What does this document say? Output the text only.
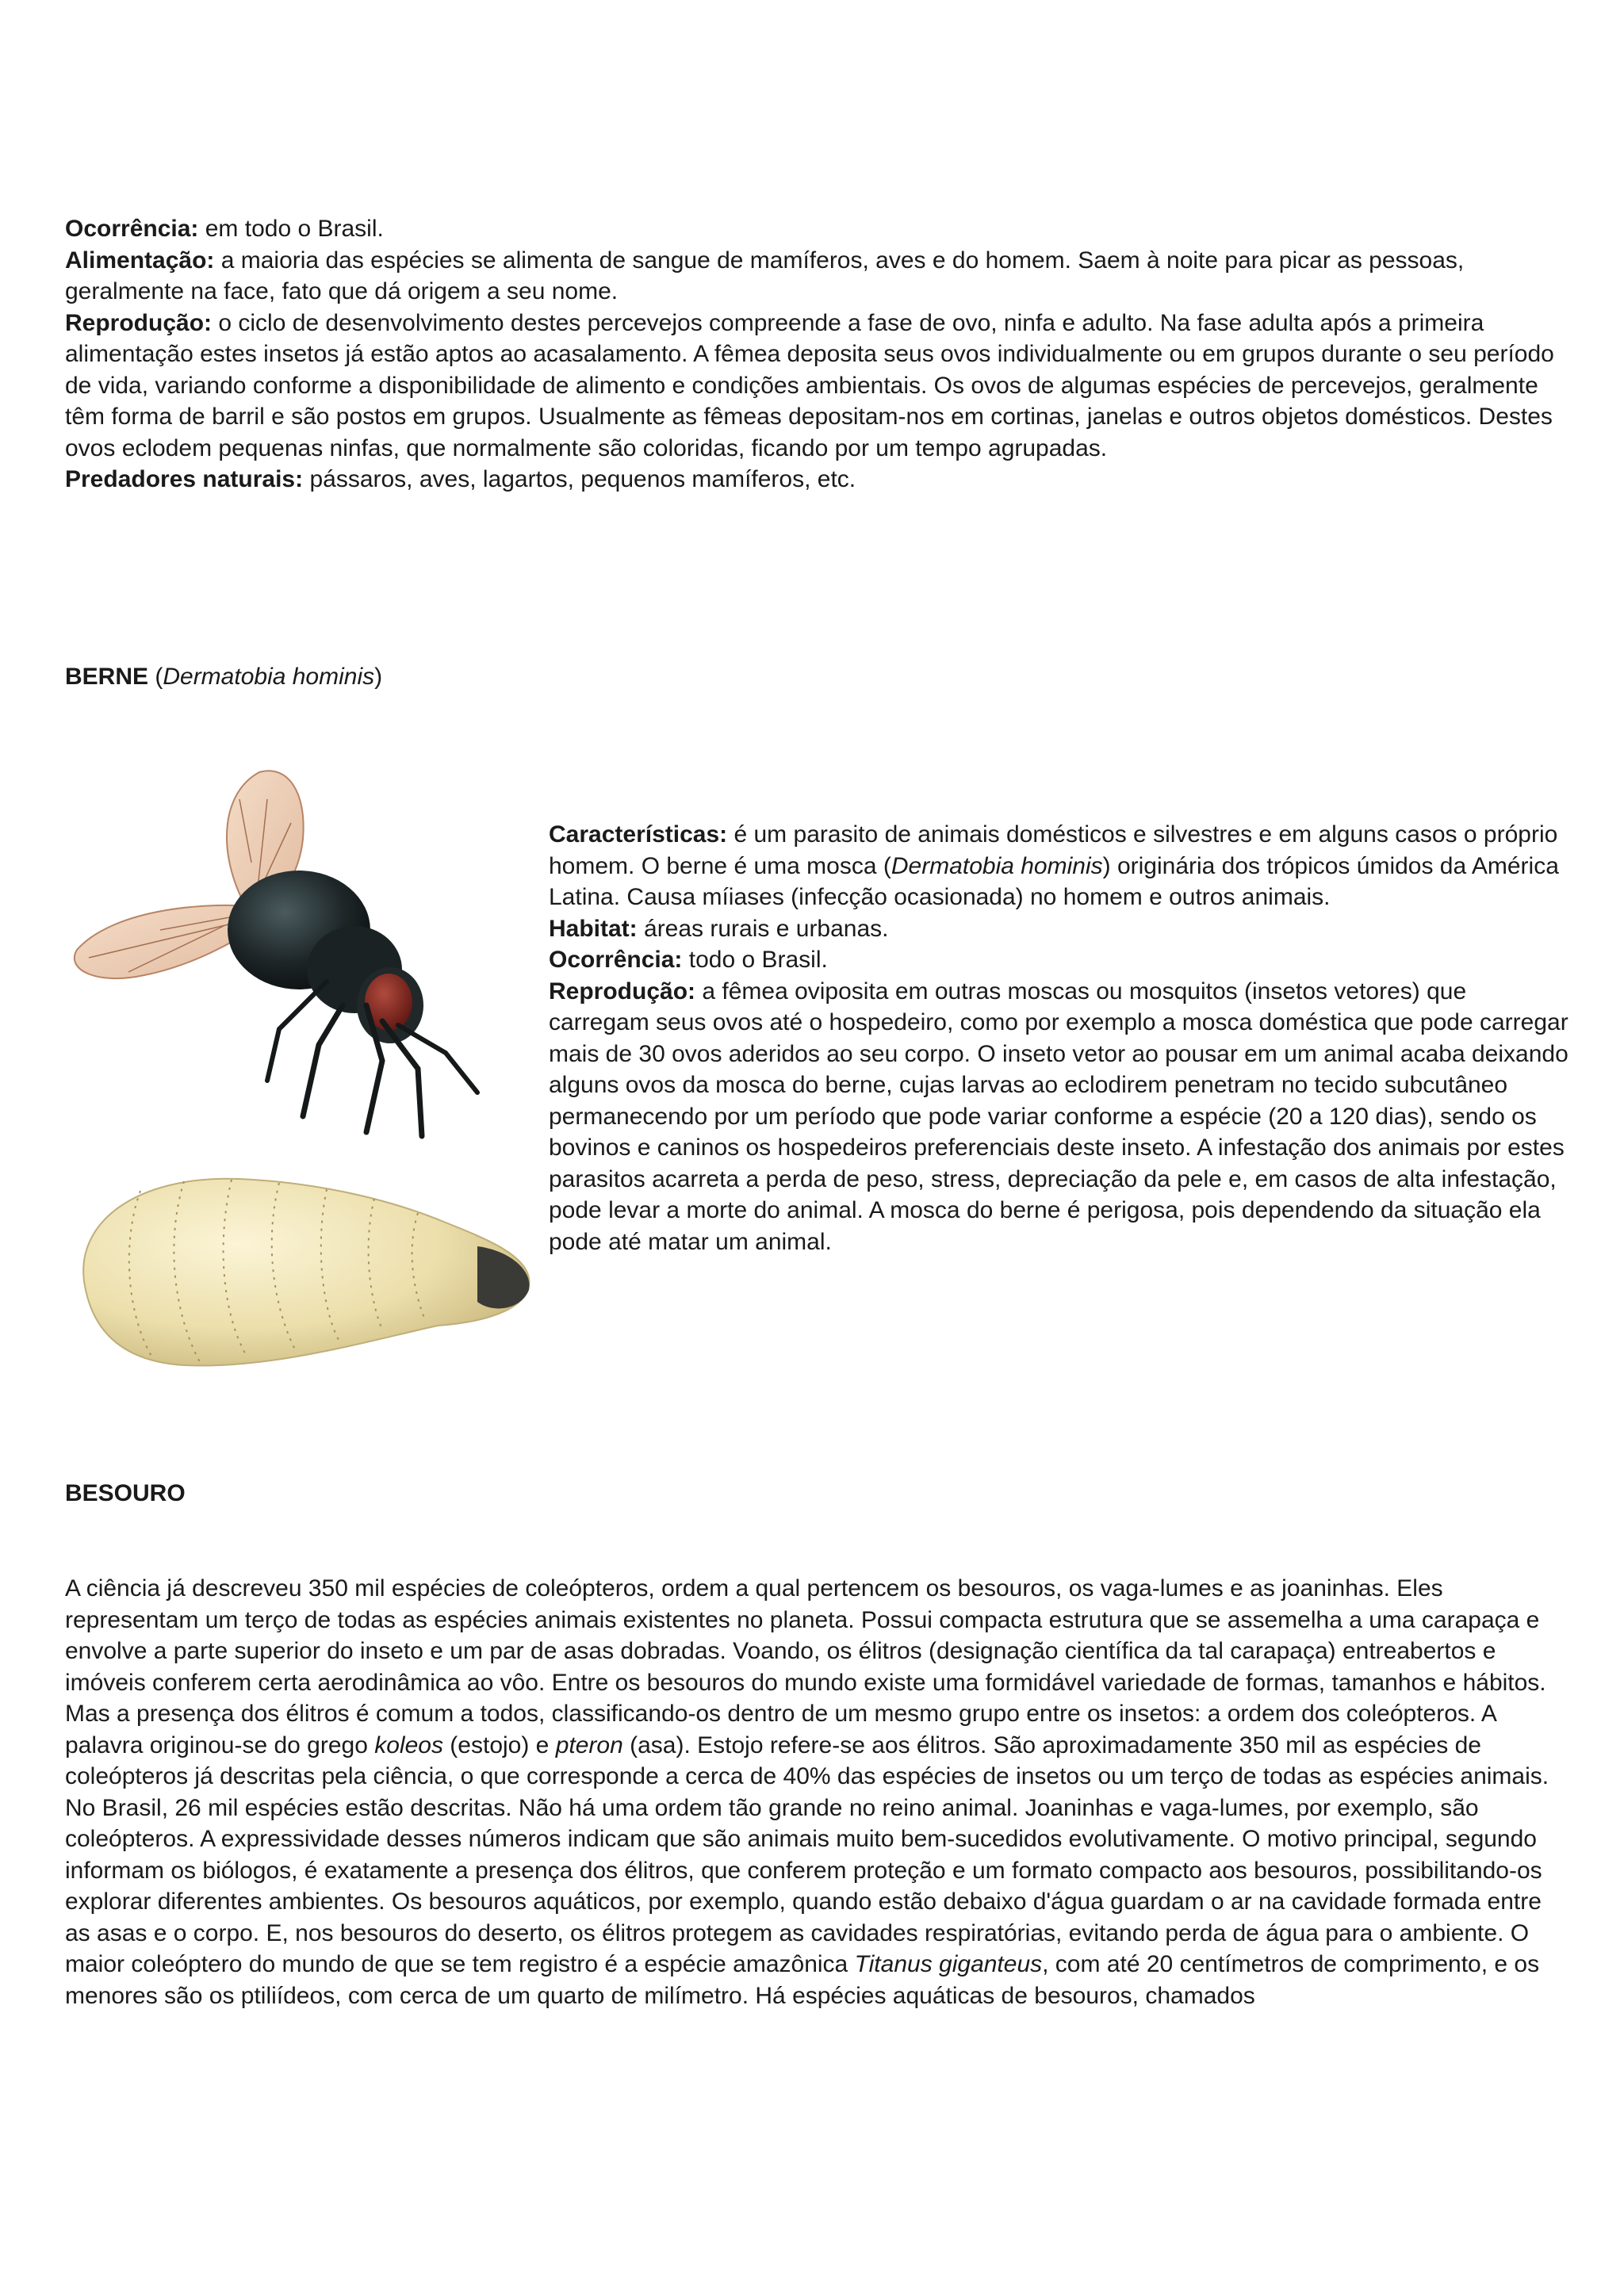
Ocorrência: em todo o Brasil.

Alimentação: a maioria das espécies se alimenta de sangue de mamíferos, aves e do homem. Saem à noite para picar as pessoas, geralmente na face, fato que dá origem a seu nome.

Reprodução: o ciclo de desenvolvimento destes percevejos compreende a fase de ovo, ninfa e adulto. Na fase adulta após a primeira alimentação estes insetos já estão aptos ao acasalamento. A fêmea deposita seus ovos individualmente ou em grupos durante o seu período de vida, variando conforme a disponibilidade de alimento e condições ambientais. Os ovos de algumas espécies de percevejos, geralmente têm forma de barril e são postos em grupos. Usualmente as fêmeas depositam-nos em cortinas, janelas e outros objetos domésticos. Destes ovos eclodem pequenas ninfas, que normalmente são coloridas, ficando por um tempo agrupadas.

Predadores naturais: pássaros, aves, lagartos, pequenos mamíferos, etc.

BERNE (Dermatobia hominis)

Características: é um parasito de animais domésticos e silvestres e em alguns casos o próprio homem. O berne é uma mosca (Dermatobia hominis) originária dos trópicos úmidos da América Latina. Causa míiases (infecção ocasionada) no homem e outros animais.

Habitat: áreas rurais e urbanas.

Ocorrência: todo o Brasil.

Reprodução: a fêmea oviposita em outras moscas ou mosquitos (insetos vetores) que carregam seus ovos até o hospedeiro, como por exemplo a mosca doméstica que pode carregar mais de 30 ovos aderidos ao seu corpo. O inseto vetor ao pousar em um animal acaba deixando alguns ovos da mosca do berne, cujas larvas ao eclodirem penetram no tecido subcutâneo permanecendo por um período que pode variar conforme a espécie (20 a 120 dias), sendo os bovinos e caninos os hospedeiros preferenciais deste inseto. A infestação dos animais por estes parasitos acarreta a perda de peso, stress, depreciação da pele e, em casos de alta infestação, pode levar a morte do animal. A mosca do berne é perigosa, pois dependendo da situação ela pode até matar um animal.

BESOURO

A ciência já descreveu 350 mil espécies de coleópteros, ordem a qual pertencem os besouros, os vaga-lumes e as joaninhas. Eles representam um terço de todas as espécies animais existentes no planeta. Possui compacta estrutura que se assemelha a uma carapaça e envolve a parte superior do inseto e um par de asas dobradas. Voando, os élitros (designação científica da tal carapaça) entreabertos e imóveis conferem certa aerodinâmica ao vôo. Entre os besouros do mundo existe uma formidável variedade de formas, tamanhos e hábitos. Mas a presença dos élitros é comum a todos, classificando-os dentro de um mesmo grupo entre os insetos: a ordem dos coleópteros. A palavra originou-se do grego koleos (estojo) e pteron (asa). Estojo refere-se aos élitros. São aproximadamente 350 mil as espécies de coleópteros já descritas pela ciência, o que corresponde a cerca de 40% das espécies de insetos ou um terço de todas as espécies animais. No Brasil, 26 mil espécies estão descritas. Não há uma ordem tão grande no reino animal. Joaninhas e vaga-lumes, por exemplo, são coleópteros. A expressividade desses números indicam que são animais muito bem-sucedidos evolutivamente. O motivo principal, segundo informam os biólogos, é exatamente a presença dos élitros, que conferem proteção e um formato compacto aos besouros, possibilitando-os explorar diferentes ambientes. Os besouros aquáticos, por exemplo, quando estão debaixo d'água guardam o ar na cavidade formada entre as asas e o corpo. E, nos besouros do deserto, os élitros protegem as cavidades respiratórias, evitando perda de água para o ambiente. O maior coleóptero do mundo de que se tem registro é a espécie amazônica Titanus giganteus, com até 20 centímetros de comprimento, e os menores são os ptiliídeos, com cerca de um quarto de milímetro. Há espécies aquáticas de besouros, chamados
